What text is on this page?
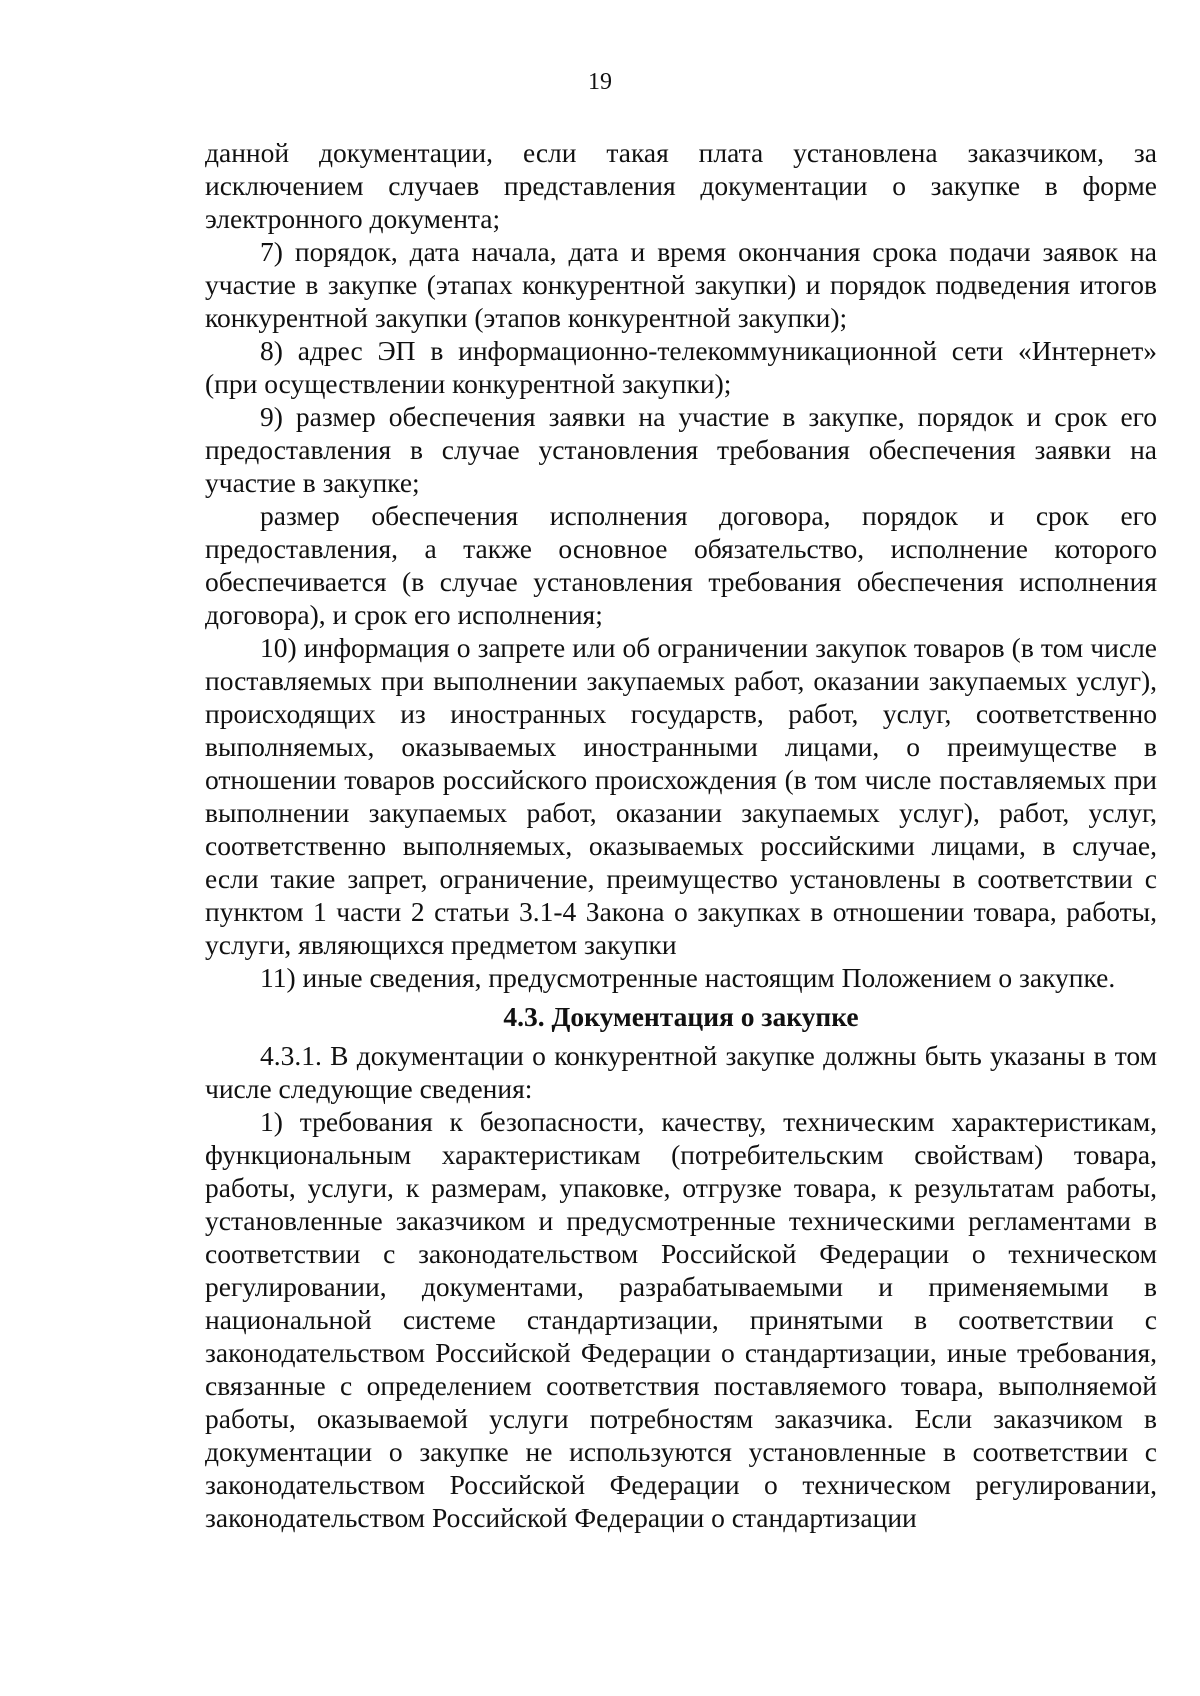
19

данной документации, если такая плата установлена заказчиком, за исключением случаев представления документации о закупке в форме электронного документа;

7) порядок, дата начала, дата и время окончания срока подачи заявок на участие в закупке (этапах конкурентной закупки) и порядок подведения итогов конкурентной закупки (этапов конкурентной закупки);

8) адрес ЭП в информационно-телекоммуникационной сети «Интернет» (при осуществлении конкурентной закупки);

9) размер обеспечения заявки на участие в закупке, порядок и срок его предоставления в случае установления требования обеспечения заявки на участие в закупке;

размер обеспечения исполнения договора, порядок и срок его предоставления, а также основное обязательство, исполнение которого обеспечивается (в случае установления требования обеспечения исполнения договора), и срок его исполнения;

10) информация о запрете или об ограничении закупок товаров (в том числе поставляемых при выполнении закупаемых работ, оказании закупаемых услуг), происходящих из иностранных государств, работ, услуг, соответственно выполняемых, оказываемых иностранными лицами, о преимуществе в отношении товаров российского происхождения (в том числе поставляемых при выполнении закупаемых работ, оказании закупаемых услуг), работ, услуг, соответственно выполняемых, оказываемых российскими лицами, в случае, если такие запрет, ограничение, преимущество установлены в соответствии с пунктом 1 части 2 статьи 3.1-4 Закона о закупках в отношении товара, работы, услуги, являющихся предметом закупки

11) иные сведения, предусмотренные настоящим Положением о закупке.

4.3. Документация о закупке

4.3.1. В документации о конкурентной закупке должны быть указаны в том числе следующие сведения:

1) требования к безопасности, качеству, техническим характеристикам, функциональным характеристикам (потребительским свойствам) товара, работы, услуги, к размерам, упаковке, отгрузке товара, к результатам работы, установленные заказчиком и предусмотренные техническими регламентами в соответствии с законодательством Российской Федерации о техническом регулировании, документами, разрабатываемыми и применяемыми в национальной системе стандартизации, принятыми в соответствии с законодательством Российской Федерации о стандартизации, иные требования, связанные с определением соответствия поставляемого товара, выполняемой работы, оказываемой услуги потребностям заказчика. Если заказчиком в документации о закупке не используются установленные в соответствии с законодательством Российской Федерации о техническом регулировании, законодательством Российской Федерации о стандартизации
